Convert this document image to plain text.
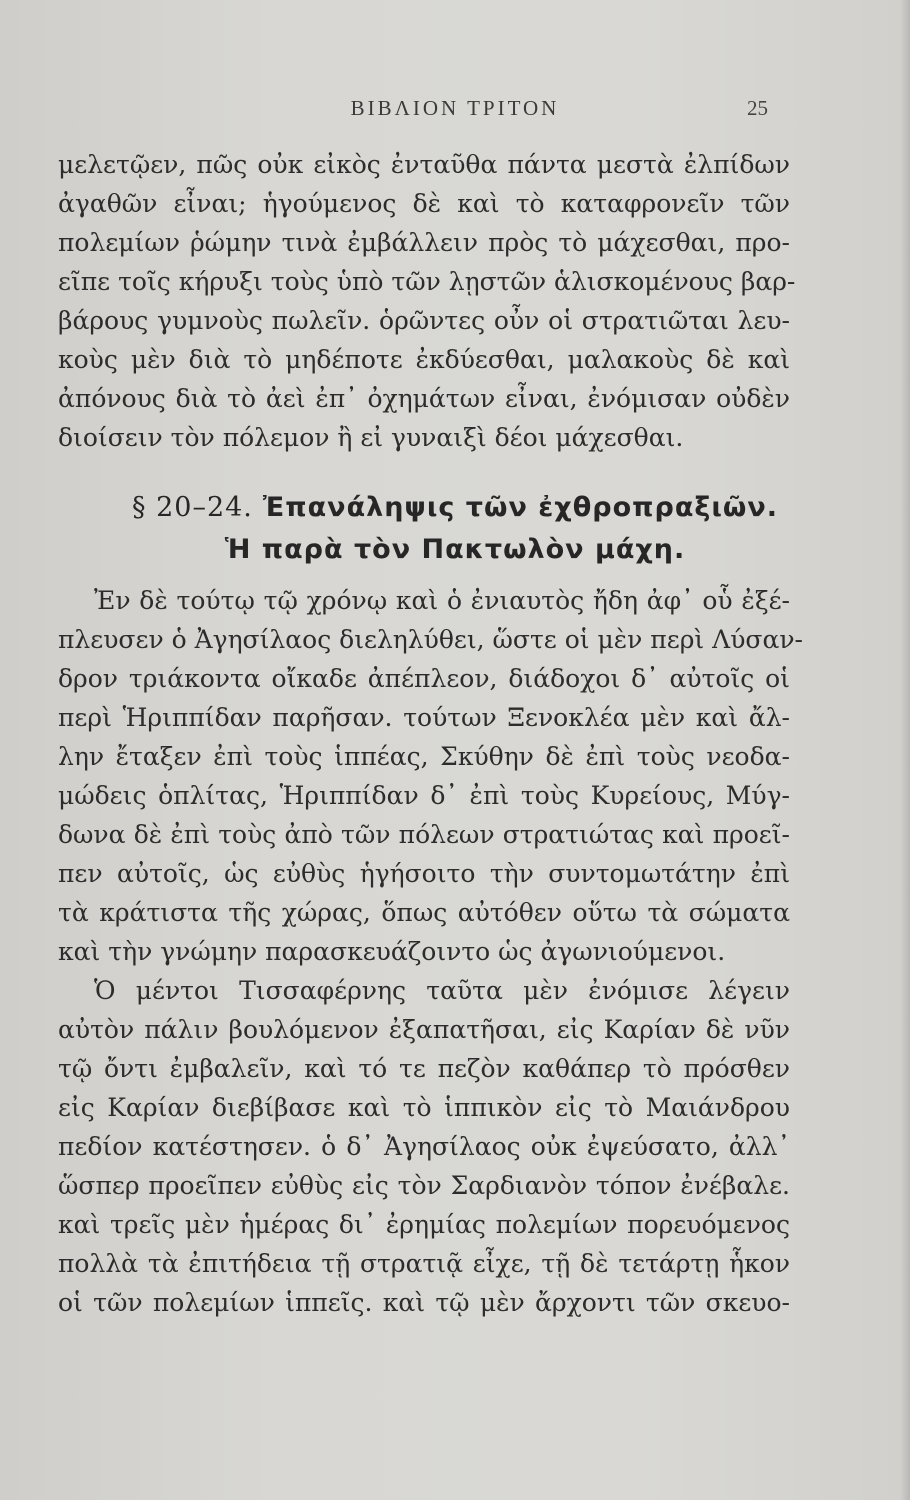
ΒΙΒΛΙΟΝ ΤΡΙΤΟΝ	25
μελετῷεν, πῶς οὐκ εἰκὸς ἐνταῦθα πάντα μεστὰ ἐλπίδων
ἀγαθῶν εἶναι; ἡγούμενος δὲ καὶ τὸ καταφρονεῖν τῶν
πολεμίων ῥώμην τινὰ ἐμβάλλειν πρὸς τὸ μάχεσθαι, προ-
εῖπε τοῖς κήρυξι τοὺς ὑπὸ τῶν λῃστῶν ἁλισκομένους βαρ-
βάρους γυμνοὺς πωλεῖν. ὁρῶντες οὖν οἱ στρατιῶται λευ-
κοὺς μὲν διὰ τὸ μηδέποτε ἐκδύεσθαι, μαλακοὺς δὲ καὶ
ἀπόνους διὰ τὸ ἀεὶ ἐπ᾽ ὀχημάτων εἶναι, ἐνόμισαν οὐδὲν
διοίσειν τὸν πόλεμον ἢ εἰ γυναιξὶ δέοι μάχεσθαι.
§ 20–24. Ἐπανάληψις τῶν ἐχθροπραξιῶν.
Ἡ παρὰ τὸν Πακτωλὸν μάχη.
Ἐν δὲ τούτῳ τῷ χρόνῳ καὶ ὁ ἐνιαυτὸς ἤδη ἀφ᾽ οὗ ἐξέ-
πλευσεν ὁ Ἀγησίλαος διεληλύθει, ὥστε οἱ μὲν περὶ Λύσαν-
δρον τριάκοντα οἴκαδε ἀπέπλεον, διάδοχοι δ᾽ αὐτοῖς οἱ
περὶ Ἡριππίδαν παρῆσαν. τούτων Ξενοκλέα μὲν καὶ ἄλ-
λην ἔταξεν ἐπὶ τοὺς ἱππέας, Σκύθην δὲ ἐπὶ τοὺς νεοδα-
μώδεις ὁπλίτας, Ἡριππίδαν δ᾽ ἐπὶ τοὺς Κυρείους, Μύγ-
δωνα δὲ ἐπὶ τοὺς ἀπὸ τῶν πόλεων στρατιώτας καὶ προεῖ-
πεν αὐτοῖς, ὡς εὐθὺς ἡγήσοιτο τὴν συντομωτάτην ἐπὶ
τὰ κράτιστα τῆς χώρας, ὅπως αὐτόθεν οὕτω τὰ σώματα
καὶ τὴν γνώμην παρασκευάζοιντο ὡς ἀγωνιούμενοι.
Ὁ μέντοι Τισσαφέρνης ταῦτα μὲν ἐνόμισε λέγειν
αὐτὸν πάλιν βουλόμενον ἐξαπατῆσαι, εἰς Καρίαν δὲ νῦν
τῷ ὄντι ἐμβαλεῖν, καὶ τό τε πεζὸν καθάπερ τὸ πρόσθεν
εἰς Καρίαν διεβίβασε καὶ τὸ ἱππικὸν εἰς τὸ Μαιάνδρου
πεδίον κατέστησεν. ὁ δ᾽ Ἀγησίλαος οὐκ ἐψεύσατο, ἀλλ᾽
ὥσπερ προεῖπεν εὐθὺς εἰς τὸν Σαρδιανὸν τόπον ἐνέβαλε.
καὶ τρεῖς μὲν ἡμέρας δι᾽ ἐρημίας πολεμίων πορευόμενος
πολλὰ τὰ ἐπιτήδεια τῇ στρατιᾷ εἶχε, τῇ δὲ τετάρτῃ ἧκον
οἱ τῶν πολεμίων ἱππεῖς. καὶ τῷ μὲν ἄρχοντι τῶν σκευο-
